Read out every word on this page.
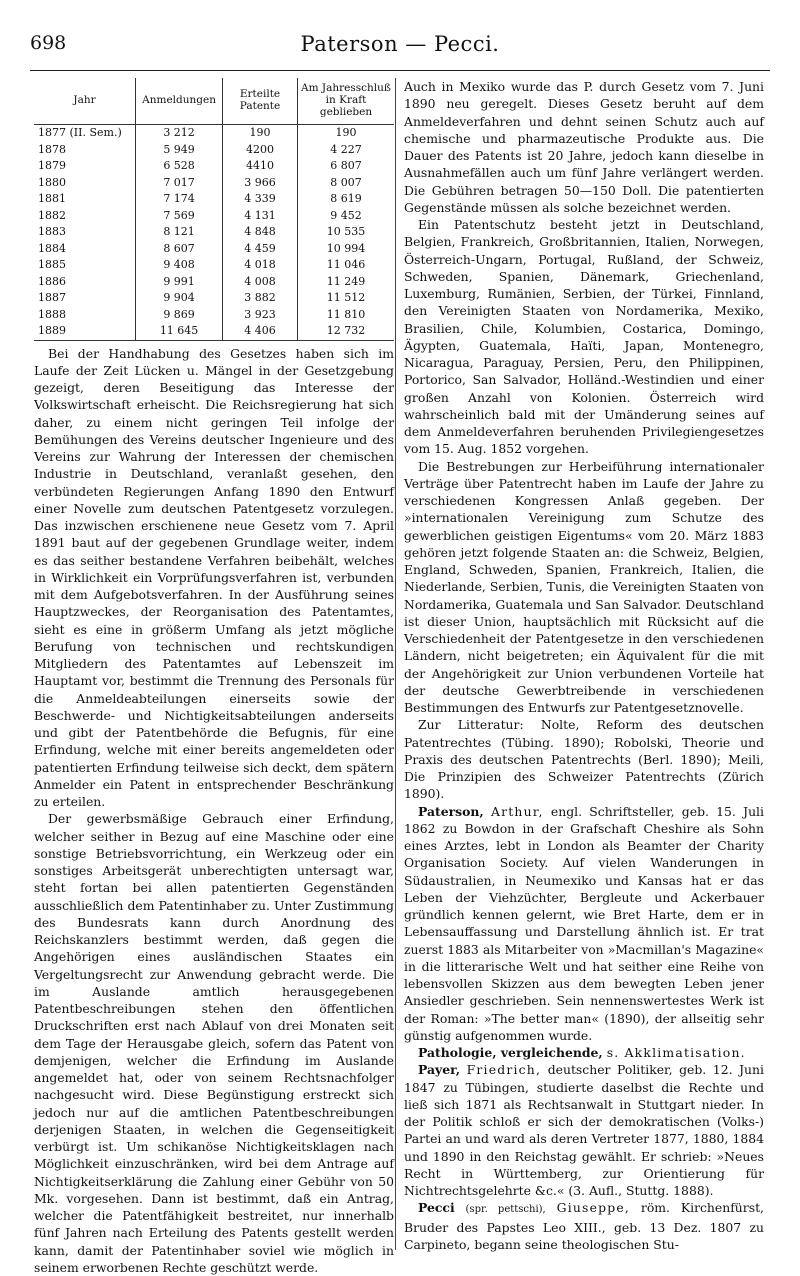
698	Paterson — Pecci.
Jahr	Anmeldungen	Erteilte Patente	Am Jahresschluß in Kraft geblieben
1877 (II. Sem.)	3 212	190	190
1878	5 949	4200	4 227
1879	6 528	4410	6 807
1880	7 017	3 966	8 007
1881	7 174	4 339	8 619
1882	7 569	4 131	9 452
1883	8 121	4 848	10 535
1884	8 607	4 459	10 994
1885	9 408	4 018	11 046
1886	9 991	4 008	11 249
1887	9 904	3 882	11 512
1888	9 869	3 923	11 810
1889	11 645	4 406	12 732

Bei der Handhabung des Gesetzes haben sich im Laufe der Zeit Lücken u. Mängel in der Gesetzgebung gezeigt, deren Beseitigung das Interesse der Volkswirtschaft erheischt. Die Reichsregierung hat sich daher, zu einem nicht geringen Teil infolge der Bemühungen des Vereins deutscher Ingenieure und des Vereins zur Wahrung der Interessen der chemischen Industrie in Deutschland, veranlaßt gesehen, den verbündeten Regierungen Anfang 1890 den Entwurf einer Novelle zum deutschen Patentgesetz vorzulegen. Das inzwischen erschienene neue Gesetz vom 7. April 1891 baut auf der gegebenen Grundlage weiter, indem es das seither bestandene Verfahren beibehält, welches in Wirklichkeit ein Vorprüfungsverfahren ist, verbunden mit dem Aufgebotsverfahren. In der Ausführung seines Hauptzweckes, der Reorganisation des Patentamtes, sieht es eine in größerm Umfang als jetzt mögliche Berufung von technischen und rechtskundigen Mitgliedern des Patentamtes auf Lebenszeit im Hauptamt vor, bestimmt die Trennung des Personals für die Anmeldeabteilungen einerseits sowie der Beschwerde- und Nichtigkeitsabteilungen anderseits und gibt der Patentbehörde die Befugnis, für eine Erfindung, welche mit einer bereits angemeldeten oder patentierten Erfindung teilweise sich deckt, dem spätern Anmelder ein Patent in entsprechender Beschränkung zu erteilen.

Der gewerbsmäßige Gebrauch einer Erfindung, welcher seither in Bezug auf eine Maschine oder eine sonstige Betriebsvorrichtung, ein Werkzeug oder ein sonstiges Arbeitsgerät unberechtigten untersagt war, steht fortan bei allen patentierten Gegenständen ausschließlich dem Patentinhaber zu. Unter Zustimmung des Bundesrats kann durch Anordnung des Reichskanzlers bestimmt werden, daß gegen die Angehörigen eines ausländischen Staates ein Vergeltungsrecht zur Anwendung gebracht werde. Die im Auslande amtlich herausgegebenen Patentbeschreibungen stehen den öffentlichen Druckschriften erst nach Ablauf von drei Monaten seit dem Tage der Herausgabe gleich, sofern das Patent von demjenigen, welcher die Erfindung im Auslande angemeldet hat, oder von seinem Rechtsnachfolger nachgesucht wird. Diese Begünstigung erstreckt sich jedoch nur auf die amtlichen Patentbeschreibungen derjenigen Staaten, in welchen die Gegenseitigkeit verbürgt ist. Um schikanöse Nichtigkeitsklagen nach Möglichkeit einzuschränken, wird bei dem Antrage auf Nichtigkeitserklärung die Zahlung einer Gebühr von 50 Mk. vorgesehen. Dann ist bestimmt, daß ein Antrag, welcher die Patentfähigkeit bestreitet, nur innerhalb fünf Jahren nach Erteilung des Patents gestellt werden kann, damit der Patentinhaber soviel wie möglich in seinem erworbenen Rechte geschützt werde.

Auch in Mexiko wurde das P. durch Gesetz vom 7. Juni 1890 neu geregelt. Dieses Gesetz beruht auf dem Anmeldeverfahren und dehnt seinen Schutz auch auf chemische und pharmazeutische Produkte aus. Die Dauer des Patents ist 20 Jahre, jedoch kann dieselbe in Ausnahmefällen auch um fünf Jahre verlängert werden. Die Gebühren betragen 50—150 Doll. Die patentierten Gegenstände müssen als solche bezeichnet werden.

Ein Patentschutz besteht jetzt in Deutschland, Belgien, Frankreich, Großbritannien, Italien, Norwegen, Österreich-Ungarn, Portugal, Rußland, der Schweiz, Schweden, Spanien, Dänemark, Griechenland, Luxemburg, Rumänien, Serbien, der Türkei, Finnland, den Vereinigten Staaten von Nordamerika, Mexiko, Brasilien, Chile, Kolumbien, Costarica, Domingo, Ägypten, Guatemala, Haïti, Japan, Montenegro, Nicaragua, Paraguay, Persien, Peru, den Philippinen, Portorico, San Salvador, Holländ.-Westindien und einer großen Anzahl von Kolonien. Österreich wird wahrscheinlich bald mit der Umänderung seines auf dem Anmeldeverfahren beruhenden Privilegiengesetzes vom 15. Aug. 1852 vorgehen.

Die Bestrebungen zur Herbeiführung internationaler Verträge über Patentrecht haben im Laufe der Jahre zu verschiedenen Kongressen Anlaß gegeben. Der »internationalen Vereinigung zum Schutze des gewerblichen geistigen Eigentums« vom 20. März 1883 gehören jetzt folgende Staaten an: die Schweiz, Belgien, England, Schweden, Spanien, Frankreich, Italien, die Niederlande, Serbien, Tunis, die Vereinigten Staaten von Nordamerika, Guatemala und San Salvador. Deutschland ist dieser Union, hauptsächlich mit Rücksicht auf die Verschiedenheit der Patentgesetze in den verschiedenen Ländern, nicht beigetreten; ein Äquivalent für die mit der Angehörigkeit zur Union verbundenen Vorteile hat der deutsche Gewerbtreibende in verschiedenen Bestimmungen des Entwurfs zur Patentgesetznovelle.

Zur Litteratur: Nolte, Reform des deutschen Patentrechtes (Tübing. 1890); Robolski, Theorie und Praxis des deutschen Patentrechts (Berl. 1890); Meili, Die Prinzipien des Schweizer Patentrechts (Zürich 1890).

Paterson, Arthur, engl. Schriftsteller, geb. 15. Juli 1862 zu Bowdon in der Grafschaft Cheshire als Sohn eines Arztes, lebt in London als Beamter der Charity Organisation Society. Auf vielen Wanderungen in Südaustralien, in Neumexiko und Kansas hat er das Leben der Viehzüchter, Bergleute und Ackerbauer gründlich kennen gelernt, wie Bret Harte, dem er in Lebensauffassung und Darstellung ähnlich ist. Er trat zuerst 1883 als Mitarbeiter von »Macmillan's Magazine« in die litterarische Welt und hat seither eine Reihe von lebensvollen Skizzen aus dem bewegten Leben jener Ansiedler geschrieben. Sein nennenswertestes Werk ist der Roman: »The better man« (1890), der allseitig sehr günstig aufgenommen wurde.

Pathologie, vergleichende, s. Akklimatisation.

Payer, Friedrich, deutscher Politiker, geb. 12. Juni 1847 zu Tübingen, studierte daselbst die Rechte und ließ sich 1871 als Rechtsanwalt in Stuttgart nieder. In der Politik schloß er sich der demokratischen (Volks-) Partei an und ward als deren Vertreter 1877, 1880, 1884 und 1890 in den Reichstag gewählt. Er schrieb: »Neues Recht in Württemberg, zur Orientierung für Nichtrechtsgelehrte &c.« (3. Aufl., Stuttg. 1888).

Pecci (spr. pettschi), Giuseppe, röm. Kirchenfürst, Bruder des Papstes Leo XIII., geb. 13 Dez. 1807 zu Carpineto, begann seine theologischen Stu-
